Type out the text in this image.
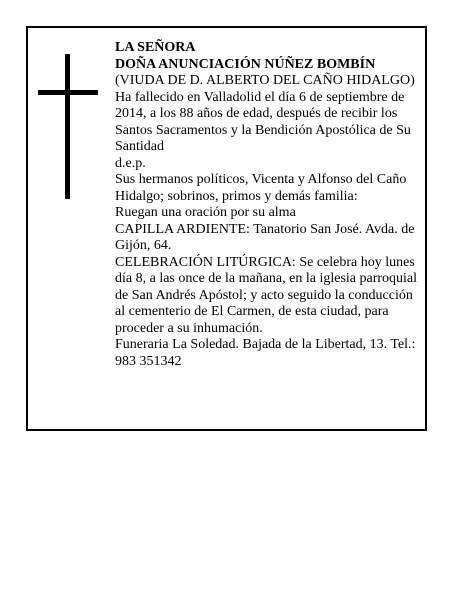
LA SEÑORA
DOÑA ANUNCIACIÓN NÚÑEZ BOMBÍN
(VIUDA DE D. ALBERTO DEL CAÑO HIDALGO)
Ha fallecido en Valladolid el día 6 de septiembre de 2014, a los 88 años de edad, después de recibir los Santos Sacramentos y la Bendición Apostólica de Su Santidad
d.e.p.
Sus hermanos políticos, Vicenta y Alfonso del Caño Hidalgo; sobrinos, primos y demás familia:
Ruegan una oración por su alma
CAPILLA ARDIENTE: Tanatorio San José. Avda. de Gijón, 64.
CELEBRACIÓN LITÚRGICA: Se celebra hoy lunes día 8, a las once de la mañana, en la iglesia parroquial de San Andrés Apóstol; y acto seguido la conducción al cementerio de El Carmen, de esta ciudad, para proceder a su inhumación.
Funeraria La Soledad. Bajada de la Libertad, 13. Tel.: 983 351342
